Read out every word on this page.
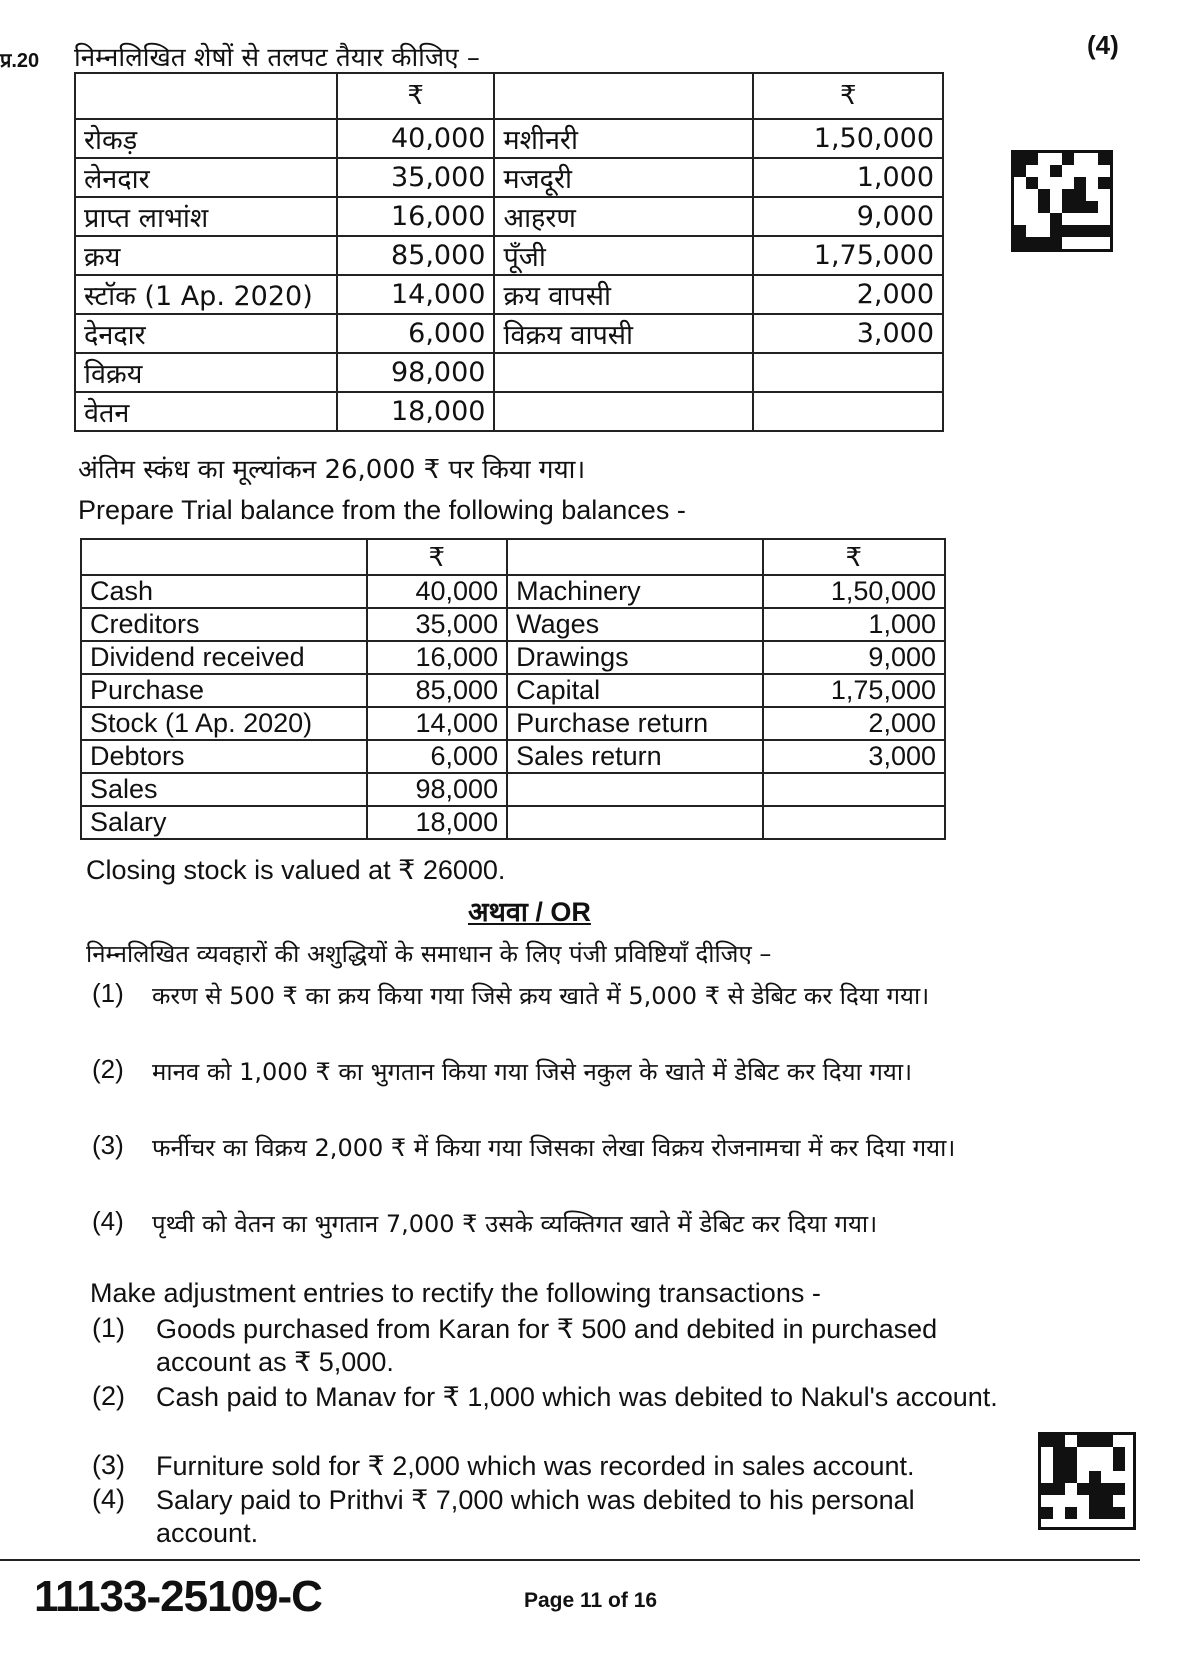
प्र.20 निम्नलिखित शेषों से तलपट तैयार कीजिए –	(4)
	₹		₹
रोकड़	40,000	मशीनरी	1,50,000
लेनदार	35,000	मजदूरी	1,000
प्राप्त लाभांश	16,000	आहरण	9,000
क्रय	85,000	पूँजी	1,75,000
स्टॉक (1 Ap. 2020)	14,000	क्रय वापसी	2,000
देनदार	6,000	विक्रय वापसी	3,000
विक्रय	98,000		
वेतन	18,000		
अंतिम स्कंध का मूल्यांकन 26,000 ₹ पर किया गया।
Prepare Trial balance from the following balances -
	₹		₹
Cash	40,000	Machinery	1,50,000
Creditors	35,000	Wages	1,000
Dividend received	16,000	Drawings	9,000
Purchase	85,000	Capital	1,75,000
Stock (1 Ap. 2020)	14,000	Purchase return	2,000
Debtors	6,000	Sales return	3,000
Sales	98,000		
Salary	18,000		
Closing stock is valued at ₹ 26000.
अथवा / OR
निम्नलिखित व्यवहारों की अशुद्धियों के समाधान के लिए पंजी प्रविष्टियाँ दीजिए –
(1) करण से 500 ₹ का क्रय किया गया जिसे क्रय खाते में 5,000 ₹ से डेबिट कर दिया गया।
(2) मानव को 1,000 ₹ का भुगतान किया गया जिसे नकुल के खाते में डेबिट कर दिया गया।
(3) फर्नीचर का विक्रय 2,000 ₹ में किया गया जिसका लेखा विक्रय रोजनामचा में कर दिया गया।
(4) पृथ्वी को वेतन का भुगतान 7,000 ₹ उसके व्यक्तिगत खाते में डेबिट कर दिया गया।
Make adjustment entries to rectify the following transactions -
(1) Goods purchased from Karan for ₹ 500 and debited in purchased account as ₹ 5,000.
(2) Cash paid to Manav for ₹ 1,000 which was debited to Nakul's account.
(3) Furniture sold for ₹ 2,000 which was recorded in sales account.
(4) Salary paid to Prithvi ₹ 7,000 which was debited to his personal account.
11133-25109-C	Page 11 of 16
